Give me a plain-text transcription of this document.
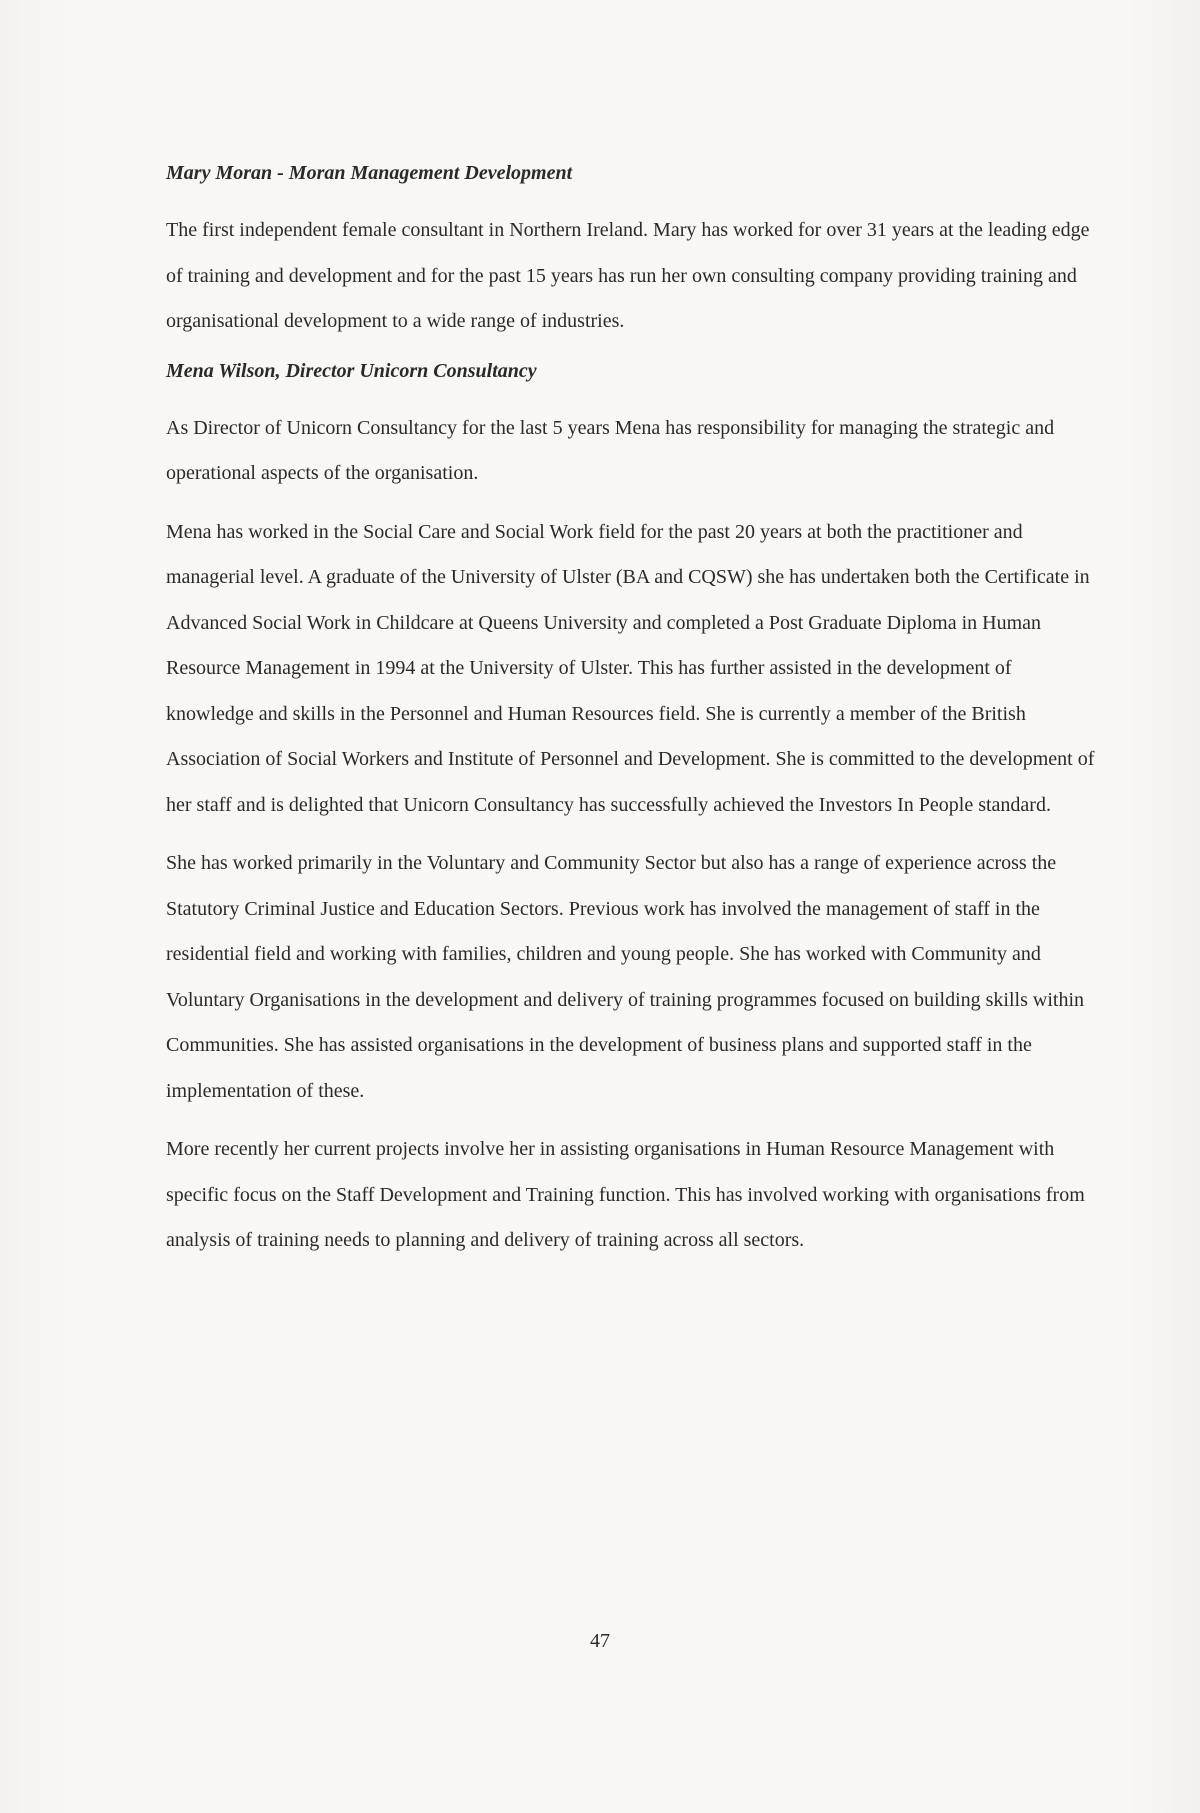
Mary Moran - Moran Management Development

The first independent female consultant in Northern Ireland. Mary has worked for over 31 years at the leading edge of training and development and for the past 15 years has run her own consulting company providing training and organisational development to a wide range of industries.

Mena Wilson, Director Unicorn Consultancy

As Director of Unicorn Consultancy for the last 5 years Mena has responsibility for managing the strategic and operational aspects of the organisation.

Mena has worked in the Social Care and Social Work field for the past 20 years at both the practitioner and managerial level. A graduate of the University of Ulster (BA and CQSW) she has undertaken both the Certificate in Advanced Social Work in Childcare at Queens University and completed a Post Graduate Diploma in Human Resource Management in 1994 at the University of Ulster. This has further assisted in the development of knowledge and skills in the Personnel and Human Resources field. She is currently a member of the British Association of Social Workers and Institute of Personnel and Development. She is committed to the development of her staff and is delighted that Unicorn Consultancy has successfully achieved the Investors In People standard.

She has worked primarily in the Voluntary and Community Sector but also has a range of experience across the Statutory Criminal Justice and Education Sectors. Previous work has involved the management of staff in the residential field and working with families, children and young people. She has worked with Community and Voluntary Organisations in the development and delivery of training programmes focused on building skills within Communities. She has assisted organisations in the development of business plans and supported staff in the implementation of these.

More recently her current projects involve her in assisting organisations in Human Resource Management with specific focus on the Staff Development and Training function. This has involved working with organisations from analysis of training needs to planning and delivery of training across all sectors.

47
